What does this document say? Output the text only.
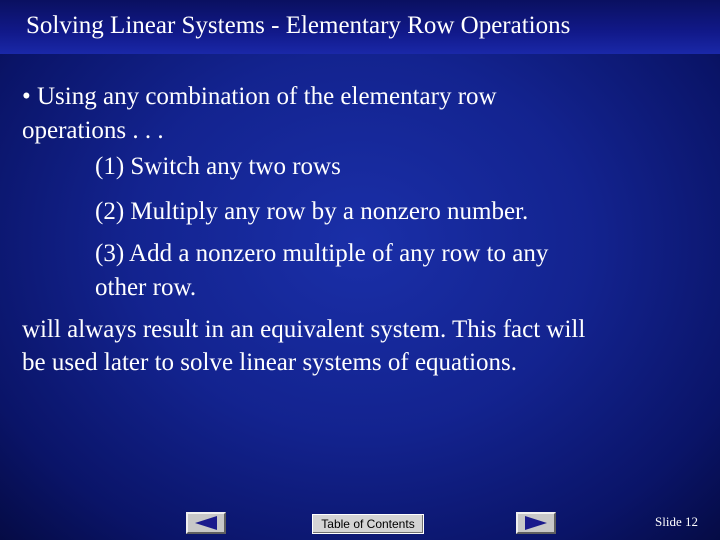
Solving Linear Systems - Elementary Row Operations
• Using any combination of the elementary row
operations . . .
(1) Switch any two rows
(2) Multiply any row by a nonzero number.
(3) Add a nonzero multiple of any row to any
other row.
will always result in an equivalent system. This fact will
be used later to solve linear systems of equations.
Table of Contents	Slide 12
